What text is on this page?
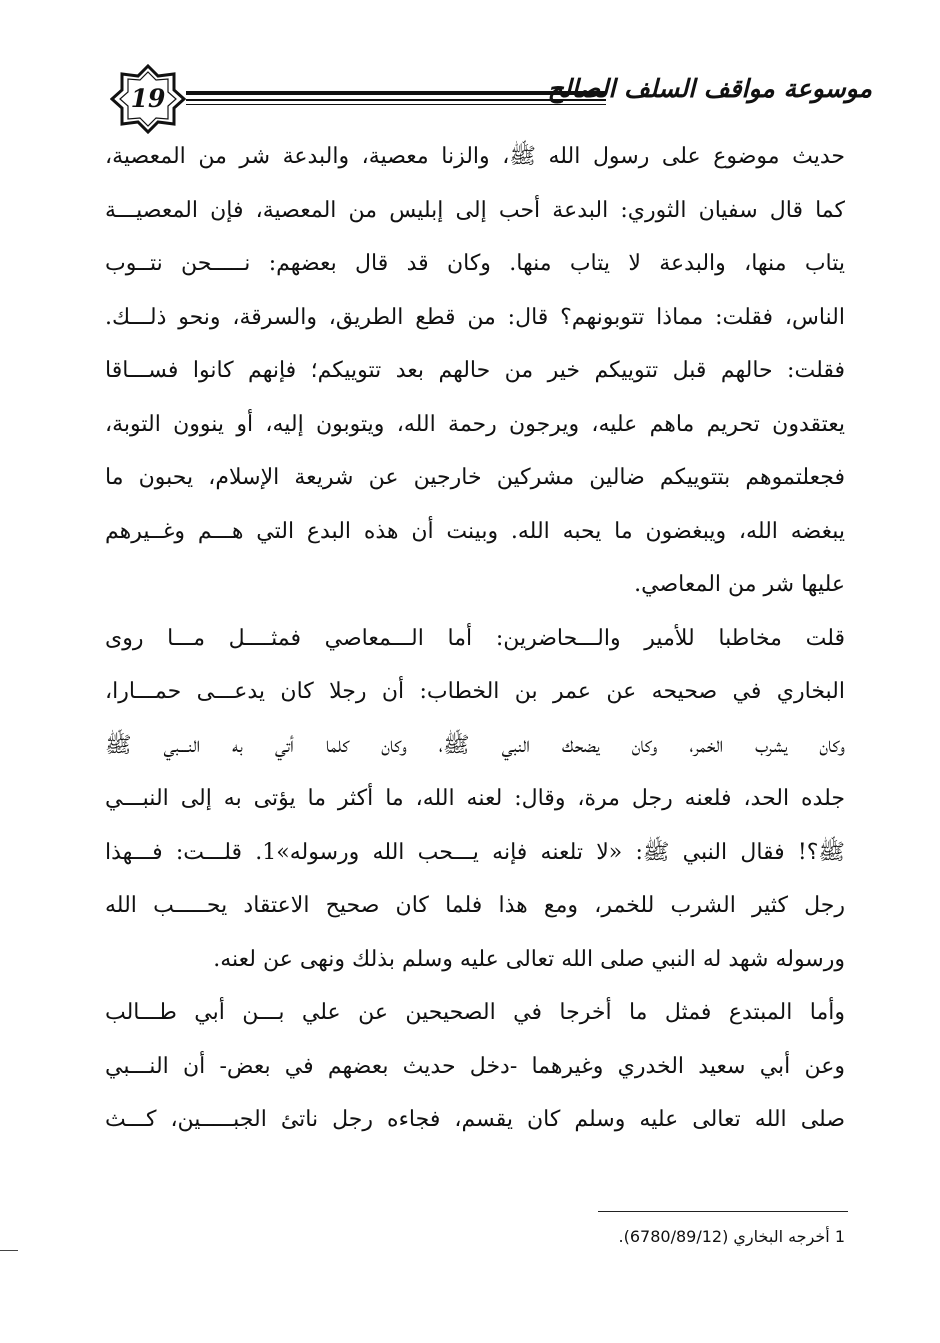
19	موسوعة مواقف السلف الصالح
حديث موضوع على رسول الله ﷺ، والزنا معصية، والبدعة شر من المعصية،
كما قال سفيان الثوري: البدعة أحب إلى إبليس من المعصية، فإن المعصيـــة
يتاب منها، والبدعة لا يتاب منها. وكان قد قال بعضهم: نـــــحن نتــوب
الناس، فقلت: مماذا تتوبونهم؟ قال: من قطع الطريق، والسرقة، ونحو ذلـــك.
فقلت: حالهم قبل تتوييكم خير من حالهم بعد تتوييكم؛ فإنهم كانوا فســـاقا
يعتقدون تحريم ماهم عليه، ويرجون رحمة الله، ويتوبون إليه، أو ينوون التوبة،
فجعلتموهم بتتوييكم ضالين مشركين خارجين عن شريعة الإسلام، يحبون ما
يبغضه الله، ويبغضون ما يحبه الله. وبينت أن هذه البدع التي هـــم وغــيرهم
عليها شر من المعاصي.
قلت مخاطبا للأمير والـــحاضرين: أما الـــمعاصي فمثــــل مـــا روى
البخاري في صحيحه عن عمر بن الخطاب: أن رجلا كان يدعـــى حمـــارا،
وكان يشرب الخمر، وكان يضحك النبي ﷺ، وكان كلما أتي به النـــبي ﷺ
جلده الحد، فلعنه رجل مرة، وقال: لعنه الله، ما أكثر ما يؤتى به إلى النبـــي
ﷺ؟! فقال النبي ﷺ: «لا تلعنه فإنه يـــحب الله ورسوله»1. قلـــت: فـــهذا
رجل كثير الشرب للخمر، ومع هذا فلما كان صحيح الاعتقاد يحـــــب الله
ورسوله شهد له النبي صلى الله تعالى عليه وسلم بذلك ونهى عن لعنه.
وأما المبتدع فمثل ما أخرجا في الصحيحين عن علي بـــن أبي طـــالب
وعن أبي سعيد الخدري وغيرهما -دخل حديث بعضهم في بعض- أن النـــبي
صلى الله تعالى عليه وسلم كان يقسم، فجاءه رجل ناتئ الجبـــــين، كـــث
1 أخرجه البخاري (6780/89/12).
